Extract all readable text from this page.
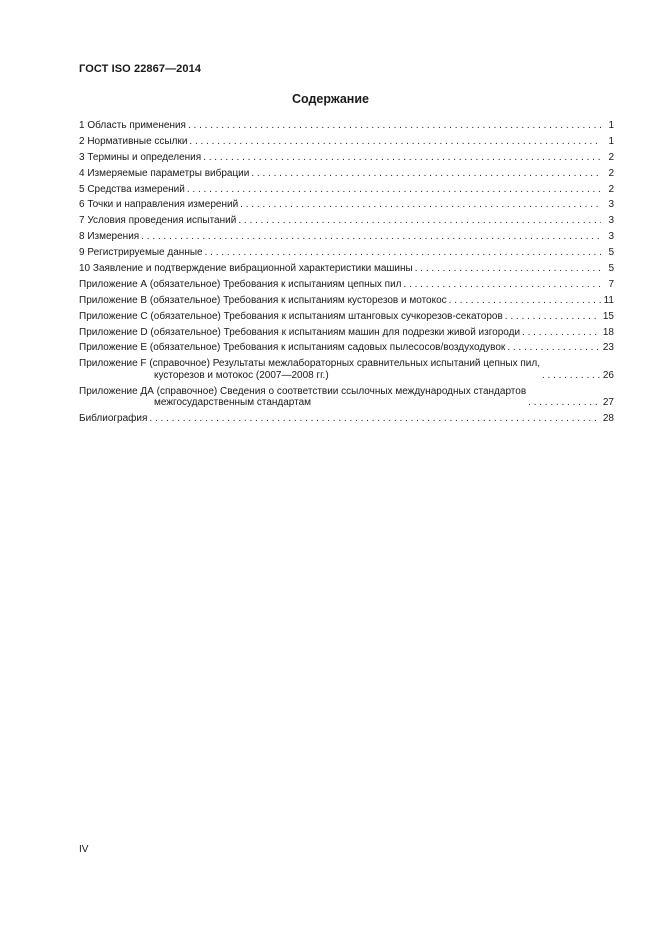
ГОСТ ISO 22867—2014
Содержание
1 Область применения . . .	1
2 Нормативные ссылки . . .	1
3 Термины и определения . . .	2
4 Измеряемые параметры вибрации . . .	2
5 Средства измерений . . .	2
6 Точки и направления измерений . . .	3
7 Условия проведения испытаний . . .	3
8 Измерения . . .	3
9 Регистрируемые данные . . .	5
10 Заявление и подтверждение вибрационной характеристики машины . . .	5
Приложение А (обязательное) Требования к испытаниям цепных пил . . .	7
Приложение В (обязательное) Требования к испытаниям кусторезов и мотокос . . .	11
Приложение С (обязательное) Требования к испытаниям штанговых сучкорезов-секаторов . . .	15
Приложение D (обязательное) Требования к испытаниям машин для подрезки живой изгороди . . .	18
Приложение E (обязательное) Требования к испытаниям садовых пылесосов/воздуходувок . . .	23
Приложение F (справочное) Результаты межлабораторных сравнительных испытаний цепных пил,
кусторезов и мотокос (2007—2008 гг.) . . .	26
Приложение ДА (справочное) Сведения о соответствии ссылочных международных стандартов
межгосударственным стандартам . . .	27
Библиография . . .	28
IV
